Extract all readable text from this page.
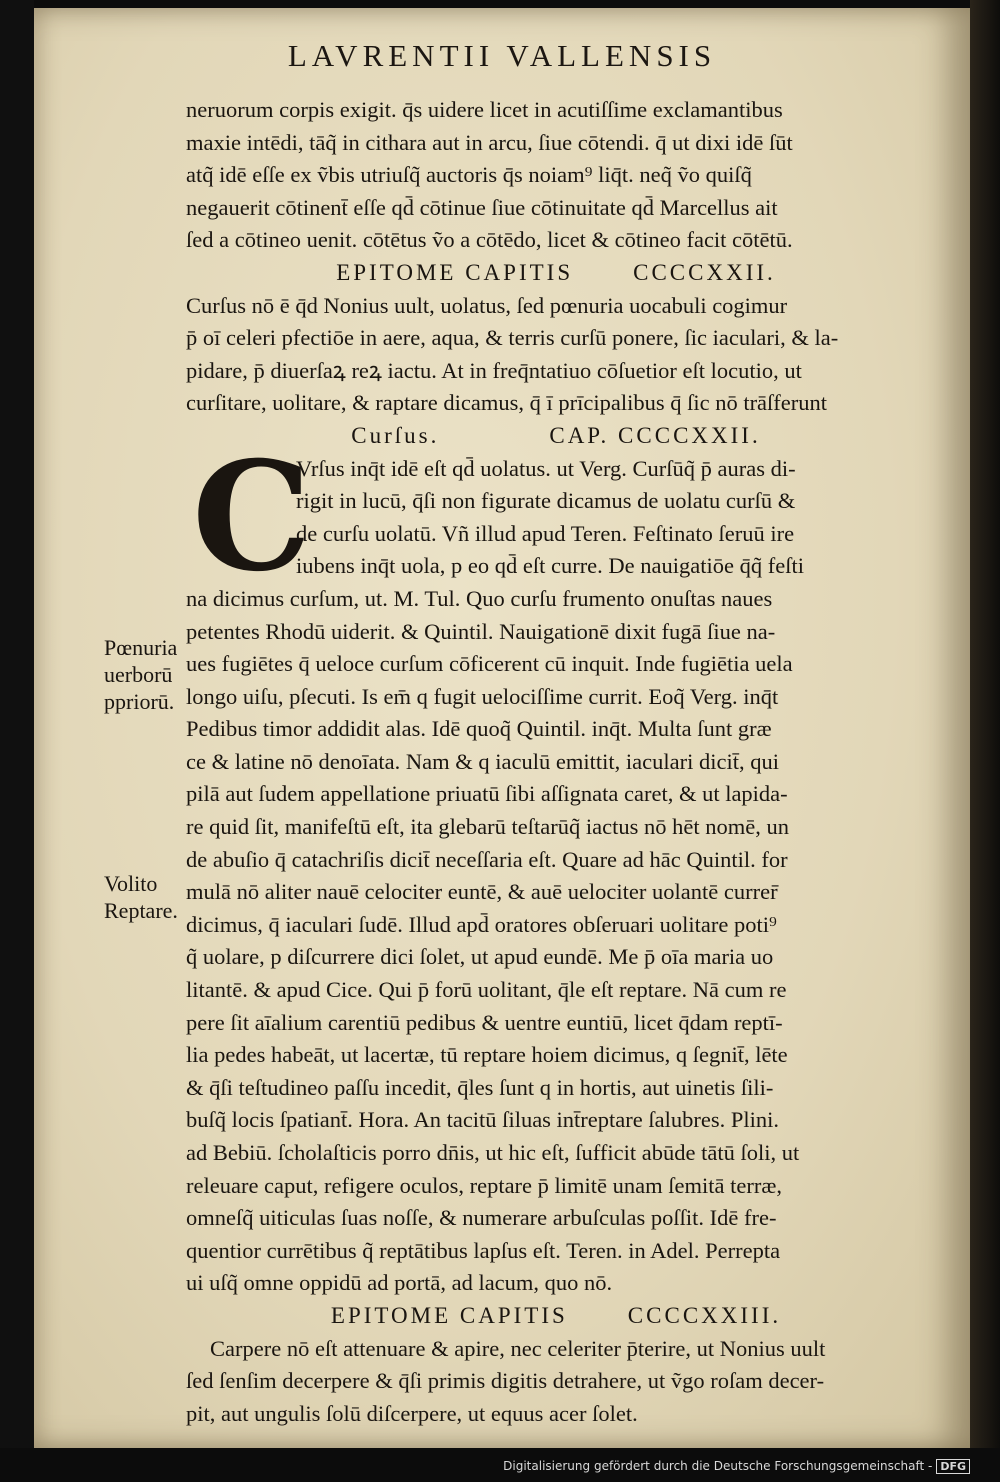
LAVRENTII VALLENSIS
neruorum corpis exigit. q̄s uidere licet in acutiſſime exclamantibus
maxie intēdi, tāq̃ in cithara aut in arcu, ſiue cōtendi. q̄ ut dixi idē ſūt
atq̃ idē eſſe ex ṽbis utriuſq̃ auctoris q̄s noiam⁹ liq̄t. neq̃ ṽo quiſq̃
negauerit cōtinent̄ eſſe qd̄ cōtinue ſiue cōtinuitate qd̄ Marcellus ait
ſed a cōtineo uenit. cōtētus ṽo a cōtēdo, licet & cōtineo facit cōtētū.
EPITOME CAPITIS	CCCCXXII.
Curſus nō ē q̄d Nonius uult, uolatus, ſed pœnuria uocabuli cogimur
p̄ oī celeri pfectiōe in aere, aqua, & terris curſū ponere, ſic iaculari, & la-
pidare, p̄ diuerſaꝝ reꝝ iactu. At in freq̄ntatiuo cōſuetior eſt locutio, ut
curſitare, uolitare, & raptare dicamus, q̄ ī prīcipalibus q̄ ſic nō trāſferunt
Curſus.	CAP. CCCCXXII.
C
Vrſus inq̄t idē eſt qd̄ uolatus. ut Verg. Curſūq̃ p̄ auras di-
rigit in lucū, q̄ſi non figurate dicamus de uolatu curſū &
de curſu uolatū. Vñ illud apud Teren. Feſtinato ſeruū ire
iubens inq̄t uola, p eo qd̄ eſt curre. De nauigatiōe q̄q̃ feſti
na dicimus curſum, ut. M. Tul. Quo curſu frumento onuſtas naues
petentes Rhodū uiderit. & Quintil. Nauigationē dixit fugā ſiue na-
ues fugiētes q̄ ueloce curſum cōficerent cū inquit. Inde fugiētia uela
longo uiſu, pſecuti. Is em̄ q fugit uelociſſime currit. Eoq̃ Verg. inq̄t
Pedibus timor addidit alas. Idē quoq̃ Quintil. inq̄t. Multa ſunt græ
ce & latine nō denoīata. Nam & q iaculū emittit, iaculari dicit̄, qui
pilā aut ſudem appellatione priuatū ſibi aſſignata caret, & ut lapida-
re quid ſit, manifeſtū eſt, ita glebarū teſtarūq̃ iactus nō hēt nomē, un
de abuſio q̄ catachriſis dicit̄ neceſſaria eſt. Quare ad hāc Quintil. for
mulā nō aliter nauē celociter euntē, & auē uelociter uolantē currer̄
dicimus, q̄ iaculari ſudē. Illud apd̄ oratores obſeruari uolitare poti⁹
q̃ uolare, p diſcurrere dici ſolet, ut apud eundē. Me p̄ oīa maria uo
litantē. & apud Cice. Qui p̄ forū uolitant, q̄le eſt reptare. Nā cum re
pere ſit aīalium carentiū pedibus & uentre euntiū, licet q̄dam reptī-
lia pedes habeāt, ut lacertæ, tū reptare hoiem dicimus, q ſegnit̄, lēte
& q̄ſi teſtudineo paſſu incedit, q̄les ſunt q in hortis, aut uinetis ſili-
buſq̃ locis ſpatiant̄. Hora. An tacitū ſiluas int̄reptare ſalubres. Plini.
ad Bebiū. ſcholaſticis porro dn̄is, ut hic eſt, ſufficit abūde tātū ſoli, ut
releuare caput, refigere oculos, reptare p̄ limitē unam ſemitā terræ,
omneſq̃ uiticulas ſuas noſſe, & numerare arbuſculas poſſit. Idē fre-
quentior currētibus q̃ reptātibus lapſus eſt. Teren. in Adel. Perrepta
ui uſq̃ omne oppidū ad portā, ad lacum, quo nō.
EPITOME CAPITIS	CCCCXXIII.
Carpere nō eſt attenuare & apire, nec celeriter p̄terire, ut Nonius uult
ſed ſenſim decerpere & q̄ſi primis digitis detrahere, ut ṽgo roſam decer-
pit, aut ungulis ſolū diſcerpere, ut equus acer ſolet.
Pœnuria
uerborū
ppriorū.
Volito
Reptare.
Digitalisierung gefördert durch die Deutsche Forschungsgemeinschaft - DFG
